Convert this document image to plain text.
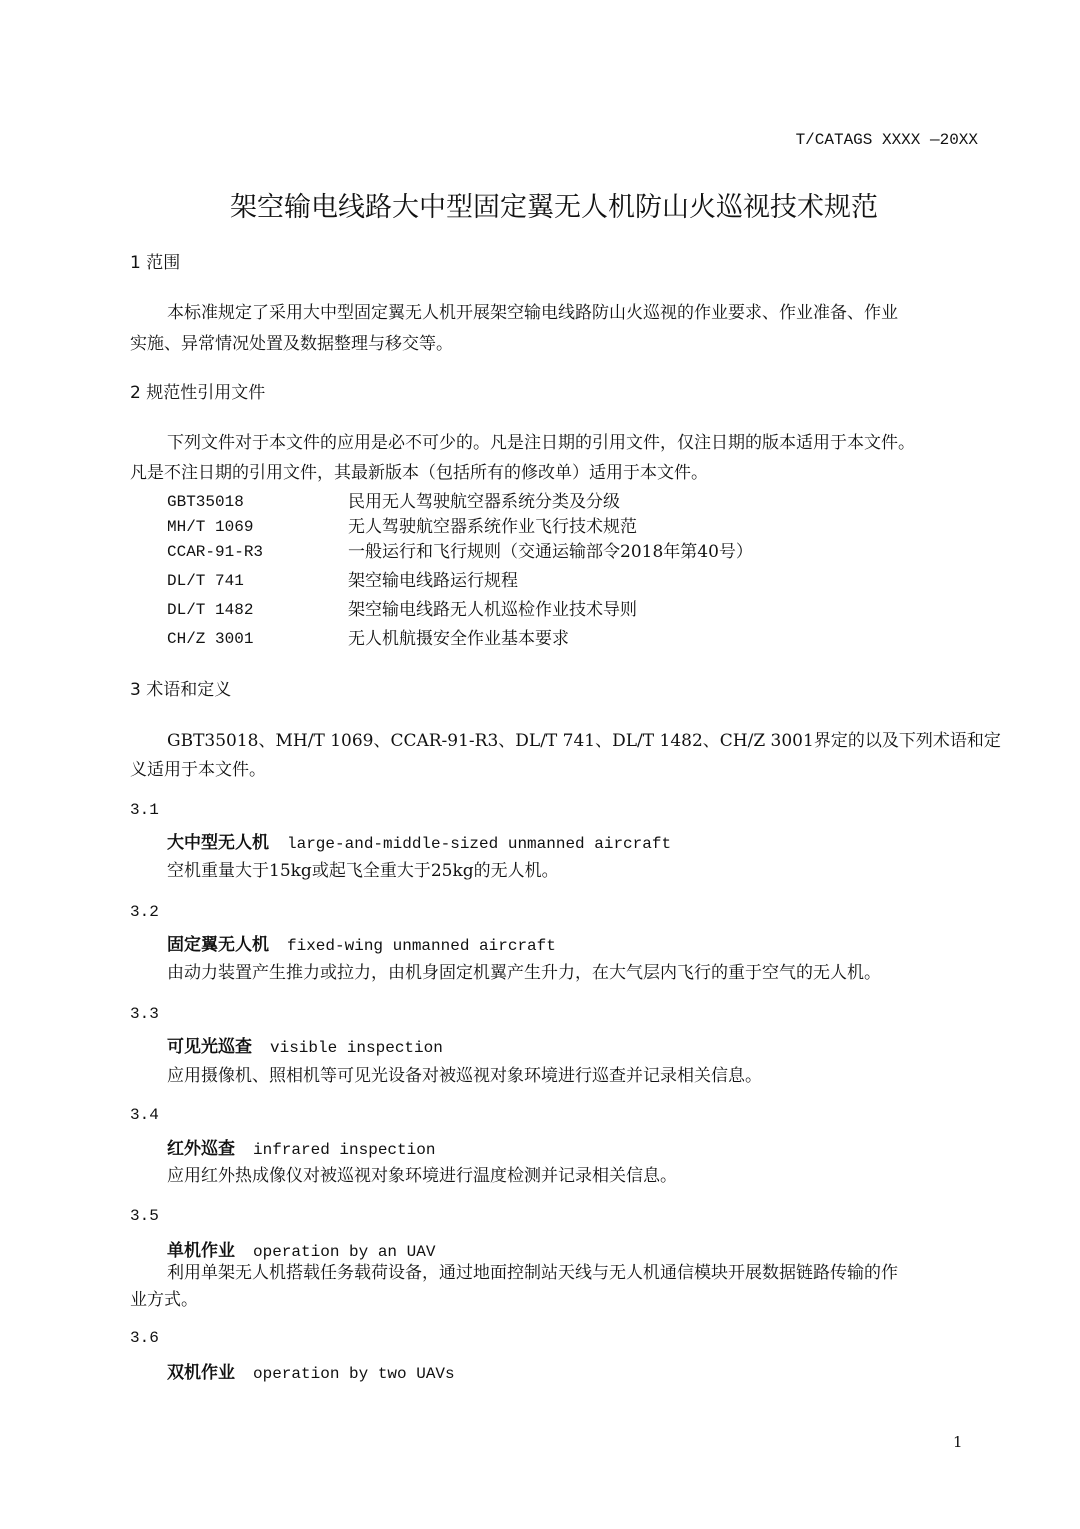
T/CATAGS XXXX —20XX
架空输电线路大中型固定翼无人机防山火巡视技术规范
1 范围
本标准规定了采用大中型固定翼无人机开展架空输电线路防山火巡视的作业要求、作业准备、作业
实施、异常情况处置及数据整理与移交等。
2 规范性引用文件
下列文件对于本文件的应用是必不可少的。凡是注日期的引用文件，仅注日期的版本适用于本文件。
凡是不注日期的引用文件，其最新版本（包括所有的修改单）适用于本文件。
GBT35018	民用无人驾驶航空器系统分类及分级
MH/T 1069	无人驾驶航空器系统作业飞行技术规范
CCAR-91-R3	一般运行和飞行规则（交通运输部令2018年第40号）
DL/T 741	架空输电线路运行规程
DL/T 1482	架空输电线路无人机巡检作业技术导则
CH/Z 3001	无人机航摄安全作业基本要求
3 术语和定义
GBT35018、MH/T 1069、CCAR-91-R3、DL/T 741、DL/T 1482、CH/Z 3001界定的以及下列术语和定
义适用于本文件。
3.1
大中型无人机 large-and-middle-sized unmanned aircraft
空机重量大于15kg或起飞全重大于25kg的无人机。
3.2
固定翼无人机 fixed-wing unmanned aircraft
由动力装置产生推力或拉力，由机身固定机翼产生升力，在大气层内飞行的重于空气的无人机。
3.3
可见光巡查 visible inspection
应用摄像机、照相机等可见光设备对被巡视对象环境进行巡查并记录相关信息。
3.4
红外巡查 infrared inspection
应用红外热成像仪对被巡视对象环境进行温度检测并记录相关信息。
3.5
单机作业 operation by an UAV
利用单架无人机搭载任务载荷设备，通过地面控制站天线与无人机通信模块开展数据链路传输的作
业方式。
3.6
双机作业 operation by two UAVs
1
